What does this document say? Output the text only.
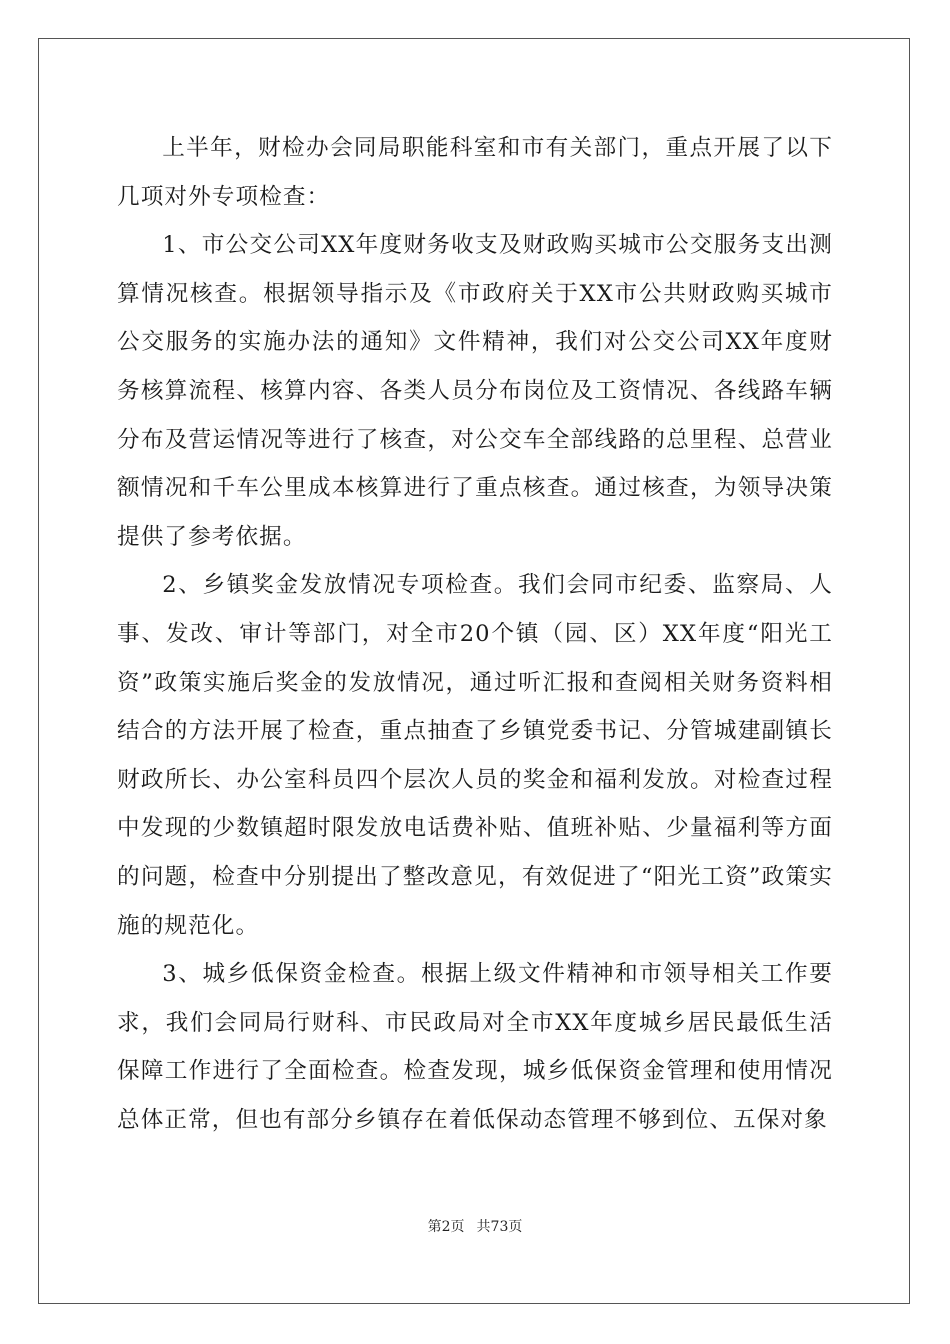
上半年，财检办会同局职能科室和市有关部门，重点开展了以下几项对外专项检查：

1、市公交公司XX年度财务收支及财政购买城市公交服务支出测算情况核查。根据领导指示及《市政府关于XX市公共财政购买城市公交服务的实施办法的通知》文件精神，我们对公交公司XX年度财务核算流程、核算内容、各类人员分布岗位及工资情况、各线路车辆分布及营运情况等进行了核查，对公交车全部线路的总里程、总营业额情况和千车公里成本核算进行了重点核查。通过核查，为领导决策提供了参考依据。

2、乡镇奖金发放情况专项检查。我们会同市纪委、监察局、人事、发改、审计等部门，对全市20个镇（园、区）XX年度“阳光工资”政策实施后奖金的发放情况，通过听汇报和查阅相关财务资料相结合的方法开展了检查，重点抽查了乡镇党委书记、分管城建副镇长财政所长、办公室科员四个层次人员的奖金和福利发放。对检查过程中发现的少数镇超时限发放电话费补贴、值班补贴、少量福利等方面的问题，检查中分别提出了整改意见，有效促进了“阳光工资”政策实施的规范化。

3、城乡低保资金检查。根据上级文件精神和市领导相关工作要求，我们会同局行财科、市民政局对全市XX年度城乡居民最低生活保障工作进行了全面检查。检查发现，城乡低保资金管理和使用情况总体正常，但也有部分乡镇存在着低保动态管理不够到位、五保对象

第2页 共73页
